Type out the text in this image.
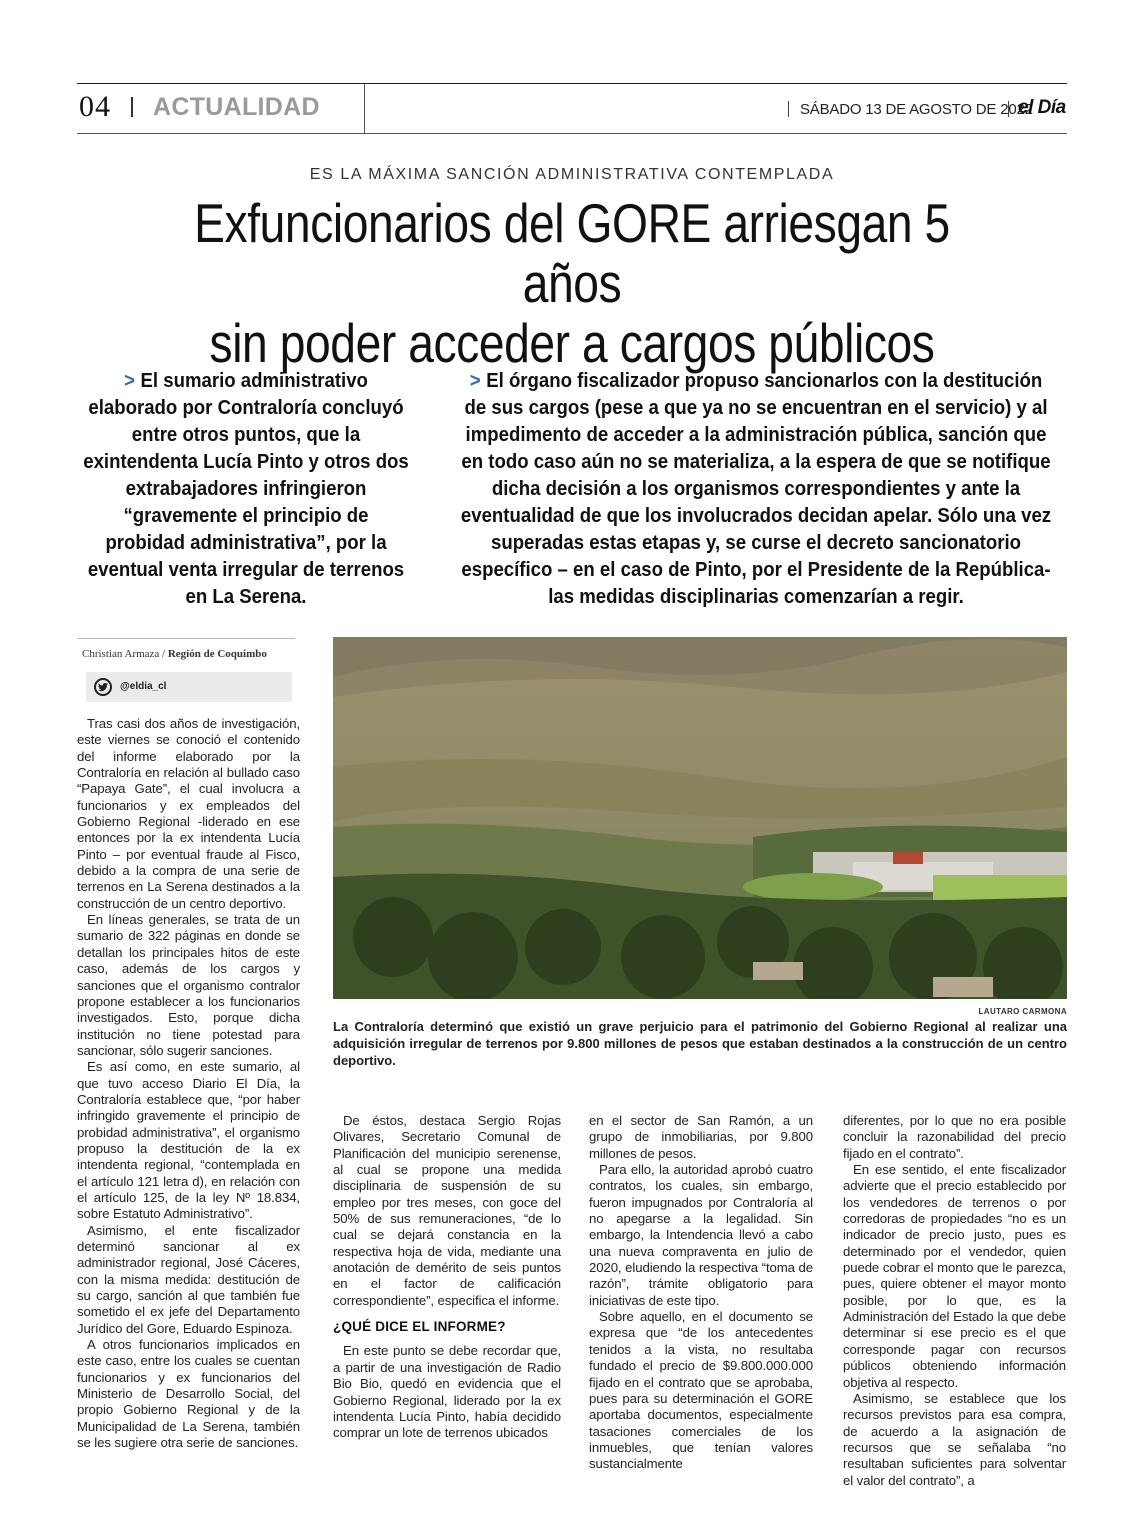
04 ACTUALIDAD	SÁBADO 13 DE AGOSTO DE 2022
el Día
ES LA MÁXIMA SANCIÓN ADMINISTRATIVA CONTEMPLADA
Exfuncionarios del GORE arriesgan 5 años
sin poder acceder a cargos públicos
> El sumario administrativo elaborado por Contraloría concluyó entre otros puntos, que la exintendenta Lucía Pinto y otros dos extrabajadores infringieron “gravemente el principio de probidad administrativa”, por la eventual venta irregular de terrenos en La Serena.
> El órgano fiscalizador propuso sancionarlos con la destitución de sus cargos (pese a que ya no se encuentran en el servicio) y al impedimento de acceder a la administración pública, sanción que en todo caso aún no se materializa, a la espera de que se notifique dicha decisión a los organismos correspondientes y ante la eventualidad de que los involucrados decidan apelar. Sólo una vez superadas estas etapas y, se curse el decreto sancionatorio específico – en el caso de Pinto, por el Presidente de la República- las medidas disciplinarias comenzarían a regir.
Christian Armaza / Región de Coquimbo
@eldia_cl

Tras casi dos años de investigación, este viernes se conoció el contenido del informe elaborado por la Contraloría en relación al bullado caso “Papaya Gate”, el cual involucra a funcionarios y ex empleados del Gobierno Regional -liderado en ese entonces por la ex intendenta Lucía Pinto – por eventual fraude al Fisco, debido a la compra de una serie de terrenos en La Serena destinados a la construcción de un centro deportivo.

En líneas generales, se trata de un sumario de 322 páginas en donde se detallan los principales hitos de este caso, además de los cargos y sanciones que el organismo contralor propone establecer a los funcionarios investigados. Esto, porque dicha institución no tiene potestad para sancionar, sólo sugerir sanciones.

Es así como, en este sumario, al que tuvo acceso Diario El Día, la Contraloría establece que, “por haber infringido gravemente el principio de probidad administrativa”, el organismo propuso la destitución de la ex intendenta regional, “contemplada en el artículo 121 letra d), en relación con el artículo 125, de la ley Nº 18.834, sobre Estatuto Administrativo”.

Asimismo, el ente fiscalizador determinó sancionar al ex administrador regional, José Cáceres, con la misma medida: destitución de su cargo, sanción al que también fue sometido el ex jefe del Departamento Jurídico del Gore, Eduardo Espinoza.

A otros funcionarios implicados en este caso, entre los cuales se cuentan funcionarios y ex funcionarios del Ministerio de Desarrollo Social, del propio Gobierno Regional y de la Municipalidad de La Serena, también se les sugiere otra serie de sanciones.

LAUTARO CARMONA
La Contraloría determinó que existió un grave perjuicio para el patrimonio del Gobierno Regional al realizar una adquisición irregular de terrenos por 9.800 millones de pesos que estaban destinados a la construcción de un centro deportivo.

De éstos, destaca Sergio Rojas Olivares, Secretario Comunal de Planificación del municipio serenense, al cual se propone una medida disciplinaria de suspensión de su empleo por tres meses, con goce del 50% de sus remuneraciones, “de lo cual se dejará constancia en la respectiva hoja de vida, mediante una anotación de demérito de seis puntos en el factor de calificación correspondiente”, especifica el informe.

¿QUÉ DICE EL INFORME?

En este punto se debe recordar que, a partir de una investigación de Radio Bio Bio, quedó en evidencia que el Gobierno Regional, liderado por la ex intendenta Lucía Pinto, había decidido comprar un lote de terrenos ubicados

en el sector de San Ramón, a un grupo de inmobiliarias, por 9.800 millones de pesos.

Para ello, la autoridad aprobó cuatro contratos, los cuales, sin embargo, fueron impugnados por Contraloría al no apegarse a la legalidad. Sin embargo, la Intendencia llevó a cabo una nueva compraventa en julio de 2020, eludiendo la respectiva “toma de razón”, trámite obligatorio para iniciativas de este tipo.

Sobre aquello, en el documento se expresa que “de los antecedentes tenidos a la vista, no resultaba fundado el precio de $9.800.000.000 fijado en el contrato que se aprobaba, pues para su determinación el GORE aportaba documentos, especialmente tasaciones comerciales de los inmuebles, que tenían valores sustancialmente

diferentes, por lo que no era posible concluir la razonabilidad del precio fijado en el contrato”.

En ese sentido, el ente fiscalizador advierte que el precio establecido por los vendedores de terrenos o por corredoras de propiedades “no es un indicador de precio justo, pues es determinado por el vendedor, quien puede cobrar el monto que le parezca, pues, quiere obtener el mayor monto posible, por lo que, es la Administración del Estado la que debe determinar si ese precio es el que corresponde pagar con recursos públicos obteniendo información objetiva al respecto.

Asimismo, se establece que los recursos previstos para esa compra, de acuerdo a la asignación de recursos que se señalaba “no resultaban suficientes para solventar el valor del contrato”, a
